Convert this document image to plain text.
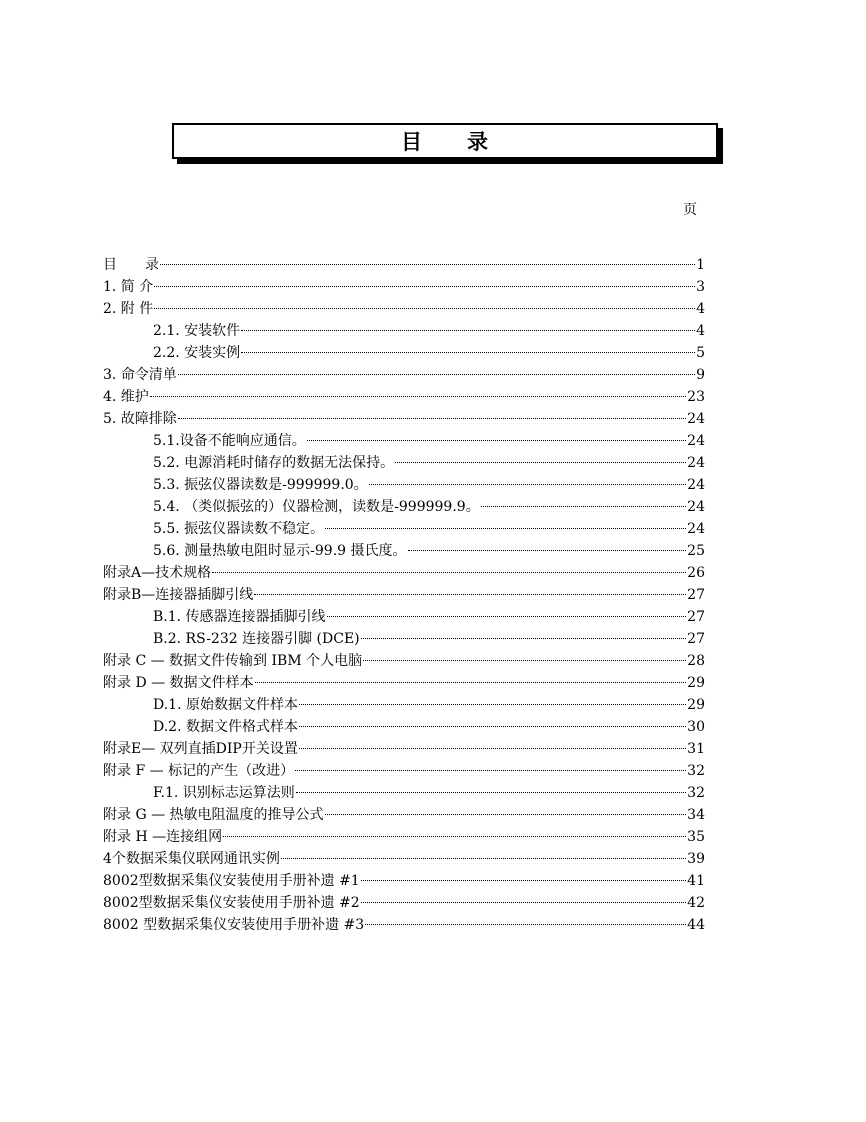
目　　录
页
目　　录	1
1. 简 介	3
2. 附 件	4
2.1. 安装软件	4
2.2. 安装实例	5
3. 命令清单	9
4. 维护	23
5. 故障排除	24
5.1.设备不能响应通信。	24
5.2. 电源消耗时储存的数据无法保持。	24
5.3. 振弦仪器读数是-999999.0。	24
5.4. （类似振弦的）仪器检测，读数是-999999.9。	24
5.5. 振弦仪器读数不稳定。	24
5.6. 测量热敏电阻时显示-99.9 摄氏度。	25
附录A—技术规格	26
附录B—连接器插脚引线	27
B.1. 传感器连接器插脚引线	27
B.2. RS-232 连接器引脚 (DCE)	27
附录 C — 数据文件传输到 IBM 个人电脑	28
附录 D — 数据文件样本	29
D.1. 原始数据文件样本	29
D.2. 数据文件格式样本	30
附录E— 双列直插DIP开关设置	31
附录 F — 标记的产生（改进）	32
F.1. 识别标志运算法则	32
附录 G — 热敏电阻温度的推导公式	34
附录 H —连接组网	35
4个数据采集仪联网通讯实例	39
8002型数据采集仪安装使用手册补遗 #1	41
8002型数据采集仪安装使用手册补遗 #2	42
8002 型数据采集仪安装使用手册补遗 #3	44
